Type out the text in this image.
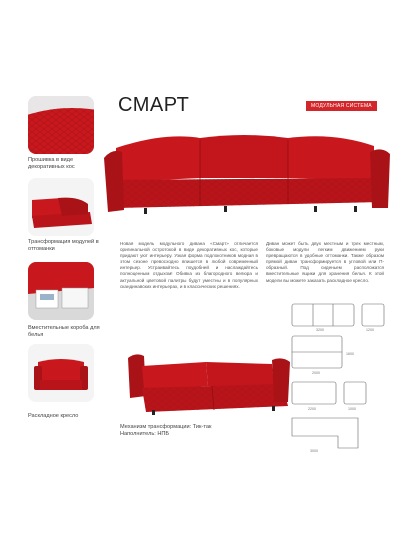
СМАРТ	МОДУЛЬНАЯ СИСТЕМА
Прошивка в виде декоративных кос
Трансформация модулей в оттоманки
Вместительные короба для белья
Раскладное кресло
Новая модель модульного дивана «Смарт» отличается оригинальной остротокой в виде декоративных кос, которые придают уют интерьеру. Узкая форма подлокотников модная в этом сезоне превосходно впишется в любой современный интерьер. Устраивайтесь поудобней и наслаждайтесь полноценным отдыхом! Обивка из благородного велюра и актуальной цветовой палитры будут уместны и в популярных скандинавских интерьерах, и в классических решениях.
Диван может быть двух местным и трех местным, боковые модули легким движением руки превращаются в удобные оттоманки. Также образом прямой диван трансформируется в угловой или П-образный. Под сиденьем расположатся вместительные ящики для хранения белья. К этой модели вы можете заказать раскладное кресло.
Механизм трансформации: Тик-так
Наполнитель: НПБ
3200	1200
2000
1600
2200	1000
3000
